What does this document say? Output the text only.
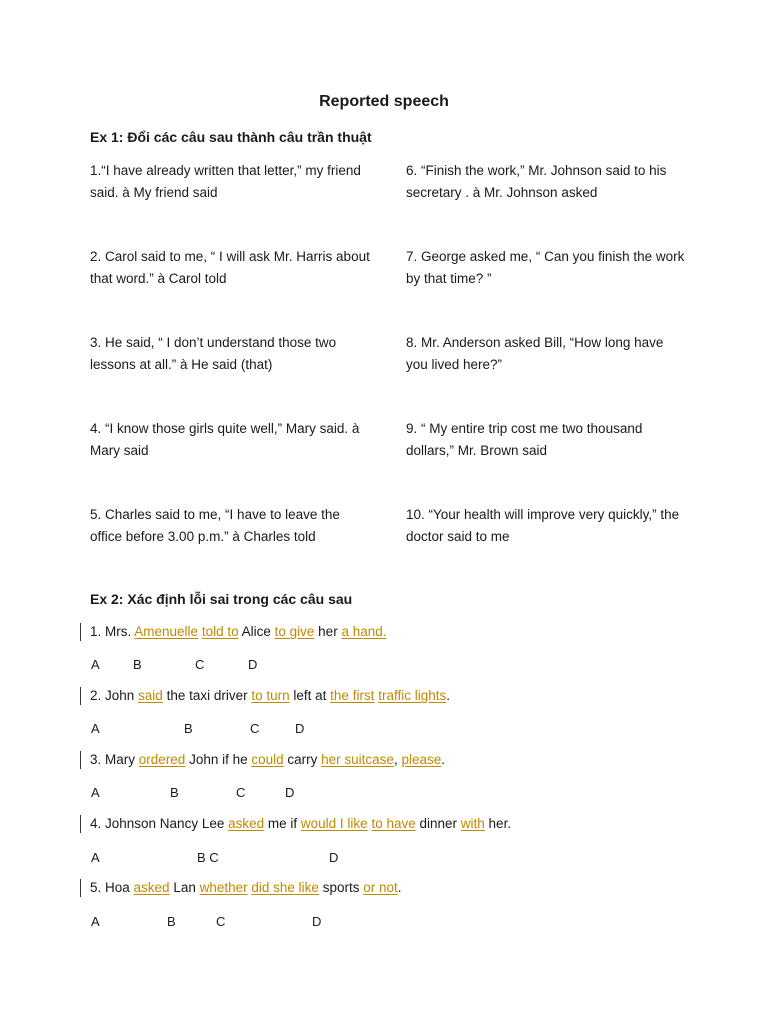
Reported speech
Ex 1: Đổi các câu sau thành câu trần thuật
1.“I have already written that letter,” my friend said. à My friend said
2. Carol said to me, “ I will ask Mr. Harris about that word.” à Carol told
3. He said, “ I don’t understand those two lessons at all.” à He said (that)
4. “I know those girls quite well,” Mary said. à Mary said
5. Charles said to me, “I have to leave the office before 3.00 p.m.” à Charles told
6. “Finish the work,” Mr. Johnson said to his secretary . à Mr. Johnson asked
7. George asked me, “ Can you finish the work by that time? ”
8. Mr. Anderson asked Bill, “How long have you lived here?”
9. “ My entire trip cost me two thousand dollars,” Mr. Brown said
10. “Your health will improve very quickly,” the doctor said to me
Ex 2: Xác định lỗi sai trong các câu sau
1. Mrs. Amenuelle told to Alice to give her a hand.
A	B	C	D
2. John said the taxi driver to turn left at the first traffic lights.
A	B	C	D
3. Mary ordered John if he could carry her suitcase, please.
A	B	C	D
4. Johnson Nancy Lee asked me if would I like to have dinner with her.
A	B C	D
5. Hoa asked Lan whether did she like sports or not.
A	B	C	D
